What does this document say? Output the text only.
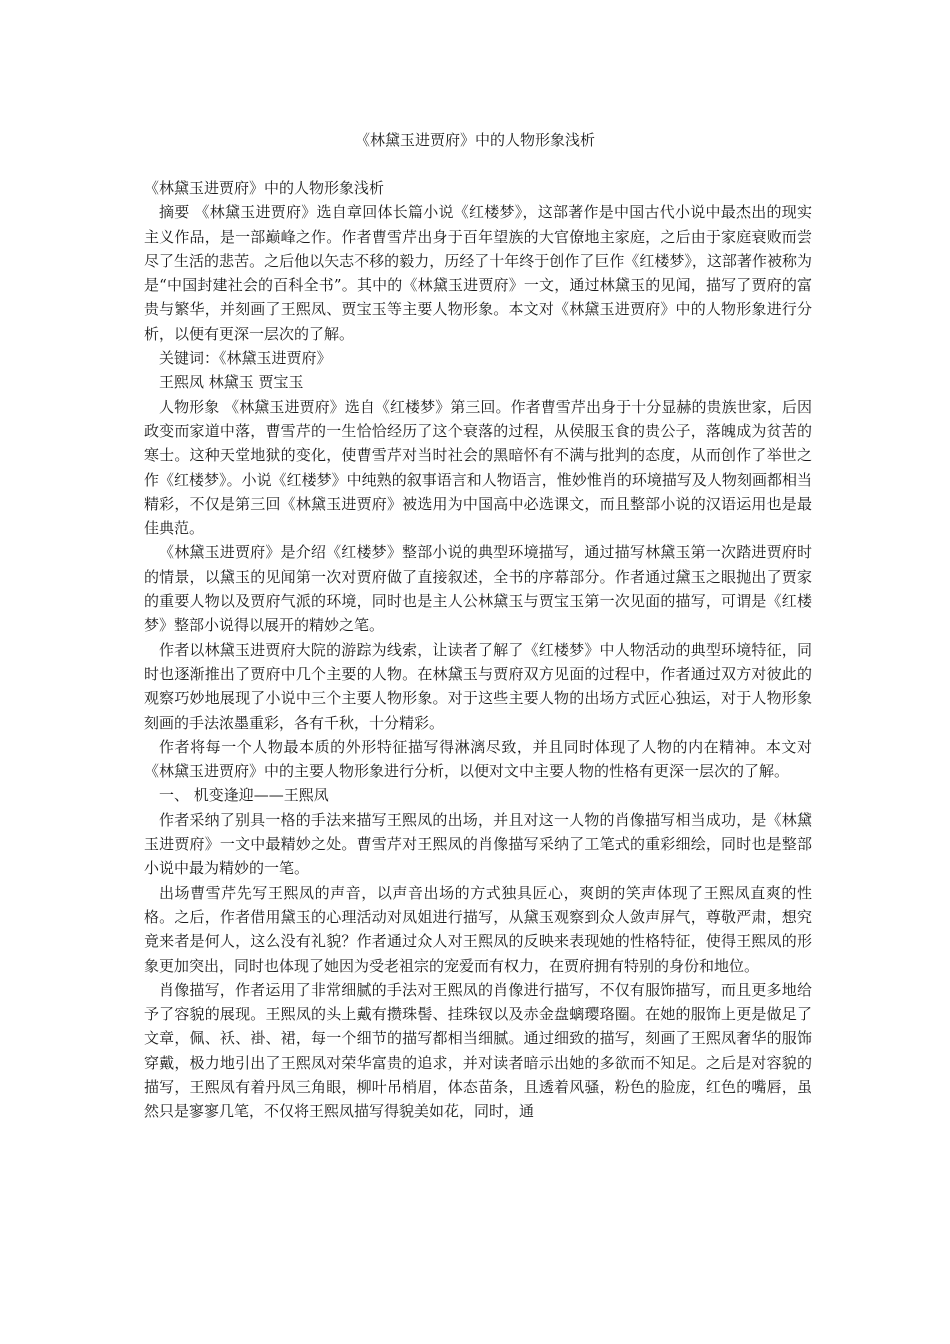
《林黛玉进贾府》中的人物形象浅析

《林黛玉进贾府》中的人物形象浅析

摘要 《林黛玉进贾府》选自章回体长篇小说《红楼梦》，这部著作是中国古代小说中最杰出的现实主义作品，是一部巅峰之作。作者曹雪芹出身于百年望族的大官僚地主家庭，之后由于家庭衰败而尝尽了生活的悲苦。之后他以矢志不移的毅力，历经了十年终于创作了巨作《红楼梦》，这部著作被称为是“中国封建社会的百科全书”。其中的《林黛玉进贾府》一文，通过林黛玉的见闻，描写了贾府的富贵与繁华，并刻画了王熙凤、贾宝玉等主要人物形象。本文对《林黛玉进贾府》中的人物形象进行分析，以便有更深一层次的了解。

关键词：《林黛玉进贾府》

王熙凤 林黛玉 贾宝玉

人物形象 《林黛玉进贾府》选自《红楼梦》第三回。作者曹雪芹出身于十分显赫的贵族世家，后因政变而家道中落，曹雪芹的一生恰恰经历了这个衰落的过程，从侯服玉食的贵公子，落魄成为贫苦的寒士。这种天堂地狱的变化，使曹雪芹对当时社会的黑暗怀有不满与批判的态度，从而创作了举世之作《红楼梦》。小说《红楼梦》中纯熟的叙事语言和人物语言，惟妙惟肖的环境描写及人物刻画都相当精彩，不仅是第三回《林黛玉进贾府》被选用为中国高中必选课文，而且整部小说的汉语运用也是最佳典范。

《林黛玉进贾府》是介绍《红楼梦》整部小说的典型环境描写，通过描写林黛玉第一次踏进贾府时的情景，以黛玉的见闻第一次对贾府做了直接叙述，全书的序幕部分。作者通过黛玉之眼抛出了贾家的重要人物以及贾府气派的环境，同时也是主人公林黛玉与贾宝玉第一次见面的描写，可谓是《红楼梦》整部小说得以展开的精妙之笔。

作者以林黛玉进贾府大院的游踪为线索，让读者了解了《红楼梦》中人物活动的典型环境特征，同时也逐渐推出了贾府中几个主要的人物。在林黛玉与贾府双方见面的过程中，作者通过双方对彼此的观察巧妙地展现了小说中三个主要人物形象。对于这些主要人物的出场方式匠心独运，对于人物形象刻画的手法浓墨重彩，各有千秋，十分精彩。

作者将每一个人物最本质的外形特征描写得淋漓尽致，并且同时体现了人物的内在精神。本文对《林黛玉进贾府》中的主要人物形象进行分析，以便对文中主要人物的性格有更深一层次的了解。

一、 机变逢迎——王熙凤

作者采纳了别具一格的手法来描写王熙凤的出场，并且对这一人物的肖像描写相当成功，是《林黛玉进贾府》一文中最精妙之处。曹雪芹对王熙凤的肖像描写采纳了工笔式的重彩细绘，同时也是整部小说中最为精妙的一笔。

出场曹雪芹先写王熙凤的声音，以声音出场的方式独具匠心，爽朗的笑声体现了王熙凤直爽的性格。之后，作者借用黛玉的心理活动对凤姐进行描写，从黛玉观察到众人敛声屏气，尊敬严肃，想究竟来者是何人，这么没有礼貌？作者通过众人对王熙凤的反映来表现她的性格特征，使得王熙凤的形象更加突出，同时也体现了她因为受老祖宗的宠爱而有权力，在贾府拥有特别的身份和地位。

肖像描写，作者运用了非常细腻的手法对王熙凤的肖像进行描写，不仅有服饰描写，而且更多地给予了容貌的展现。王熙凤的头上戴有攒珠髻、挂珠钗以及赤金盘螭璎珞圈。在她的服饰上更是做足了文章，佩、袄、褂、裙，每一个细节的描写都相当细腻。通过细致的描写，刻画了王熙凤奢华的服饰穿戴，极力地引出了王熙凤对荣华富贵的追求，并对读者暗示出她的多欲而不知足。之后是对容貌的描写，王熙凤有着丹凤三角眼，柳叶吊梢眉，体态苗条，且透着风骚，粉色的脸庞，红色的嘴唇，虽然只是寥寥几笔，不仅将王熙凤描写得貌美如花，同时，通
